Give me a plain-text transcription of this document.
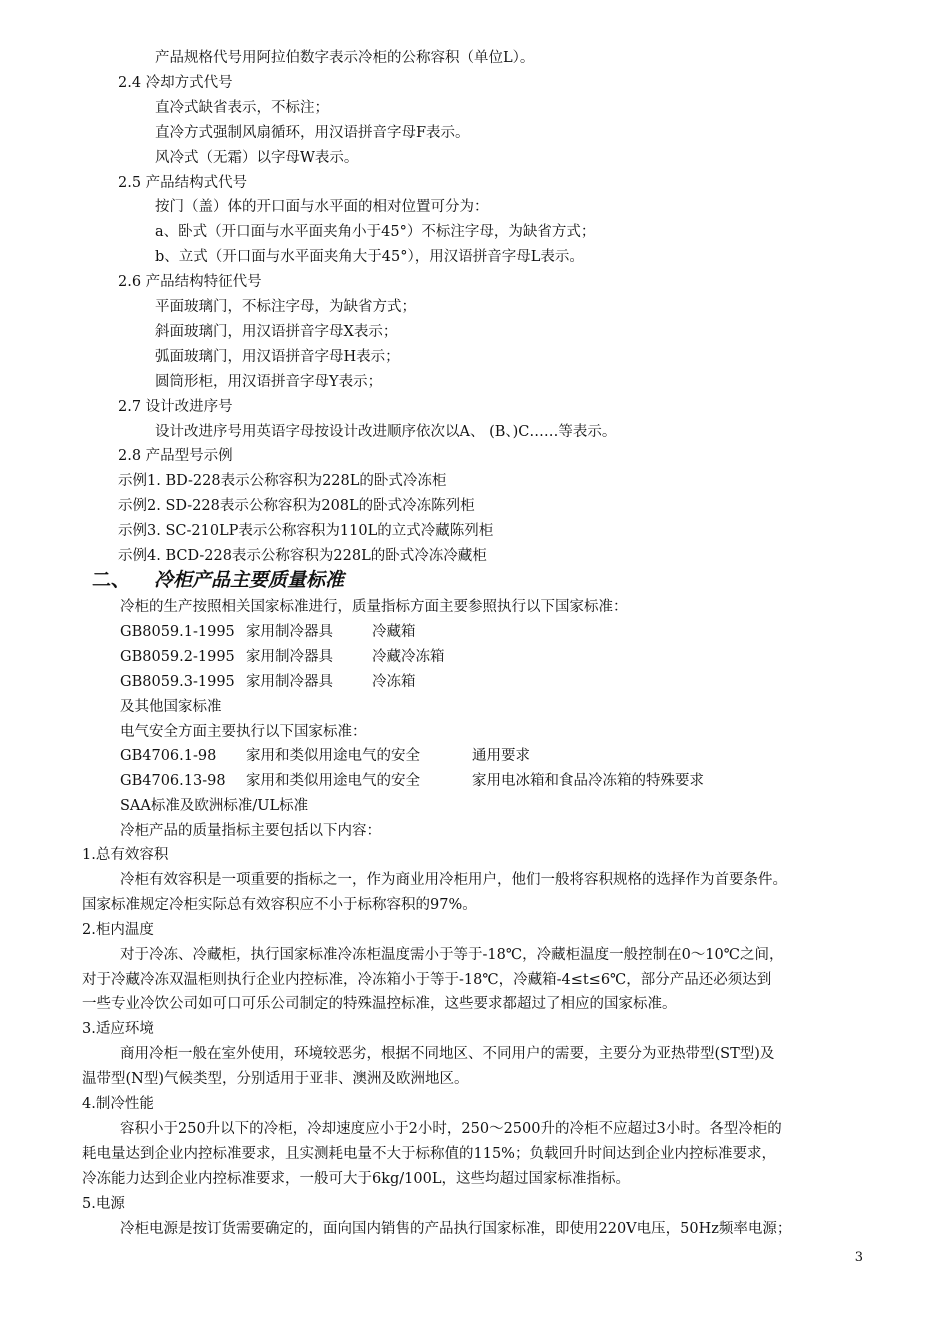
产品规格代号用阿拉伯数字表示冷柜的公称容积（单位L）。
2.4 冷却方式代号
直冷式缺省表示，不标注；
直冷方式强制风扇循环，用汉语拼音字母F表示。
风冷式（无霜）以字母W表示。
2.5 产品结构式代号
按门（盖）体的开口面与水平面的相对位置可分为：
a、卧式（开口面与水平面夹角小于45°）不标注字母，为缺省方式；
b、立式（开口面与水平面夹角大于45°），用汉语拼音字母L表示。
2.6 产品结构特征代号
平面玻璃门，不标注字母，为缺省方式；
斜面玻璃门，用汉语拼音字母X表示；
弧面玻璃门，用汉语拼音字母H表示；
圆筒形柜，用汉语拼音字母Y表示；
2.7 设计改进序号
设计改进序号用英语字母按设计改进顺序依次以A、 (B、)C……等表示。
2.8 产品型号示例
示例1. BD-228表示公称容积为228L的卧式冷冻柜
示例2. SD-228表示公称容积为208L的卧式冷冻陈列柜
示例3. SC-210LP表示公称容积为110L的立式冷藏陈列柜
示例4. BCD-228表示公称容积为228L的卧式冷冻冷藏柜
冷柜的生产按照相关国家标准进行，质量指标方面主要参照执行以下国家标准：
GB8059.1-1995 家用制冷器具	冷藏箱
GB8059.2-1995 家用制冷器具	冷藏冷冻箱
GB8059.3-1995 家用制冷器具	冷冻箱
及其他国家标准
电气安全方面主要执行以下国家标准：
GB4706.1-98 家用和类似用途电气的安全	通用要求
GB4706.13-98 家用和类似用途电气的安全	家用电冰箱和食品冷冻箱的特殊要求
SAA标准及欧洲标准/UL标准
冷柜产品的质量指标主要包括以下内容：
1.总有效容积
冷柜有效容积是一项重要的指标之一，作为商业用冷柜用户，他们一般将容积规格的选择作为首要条件。
国家标准规定冷柜实际总有效容积应不小于标称容积的97%。
2.柜内温度
对于冷冻、冷藏柜，执行国家标准冷冻柜温度需小于等于-18℃，冷藏柜温度一般控制在0～10℃之间，
对于冷藏冷冻双温柜则执行企业内控标准，冷冻箱小于等于-18℃，冷藏箱-4≤t≤6℃，部分产品还必须达到
一些专业冷饮公司如可口可乐公司制定的特殊温控标准，这些要求都超过了相应的国家标准。
3.适应环境
商用冷柜一般在室外使用，环境较恶劣，根据不同地区、不同用户的需要，主要分为亚热带型(ST型)及
温带型(N型)气候类型，分别适用于亚非、澳洲及欧洲地区。
4.制冷性能
容积小于250升以下的冷柜，冷却速度应小于2小时，250～2500升的冷柜不应超过3小时。各型冷柜的
耗电量达到企业内控标准要求，且实测耗电量不大于标称值的115%；负载回升时间达到企业内控标准要求，
冷冻能力达到企业内控标准要求，一般可大于6kg/100L，这些均超过国家标准指标。
5.电源
冷柜电源是按订货需要确定的，面向国内销售的产品执行国家标准，即使用220V电压，50Hz频率电源；
二、 冷柜产品主要质量标准
3
